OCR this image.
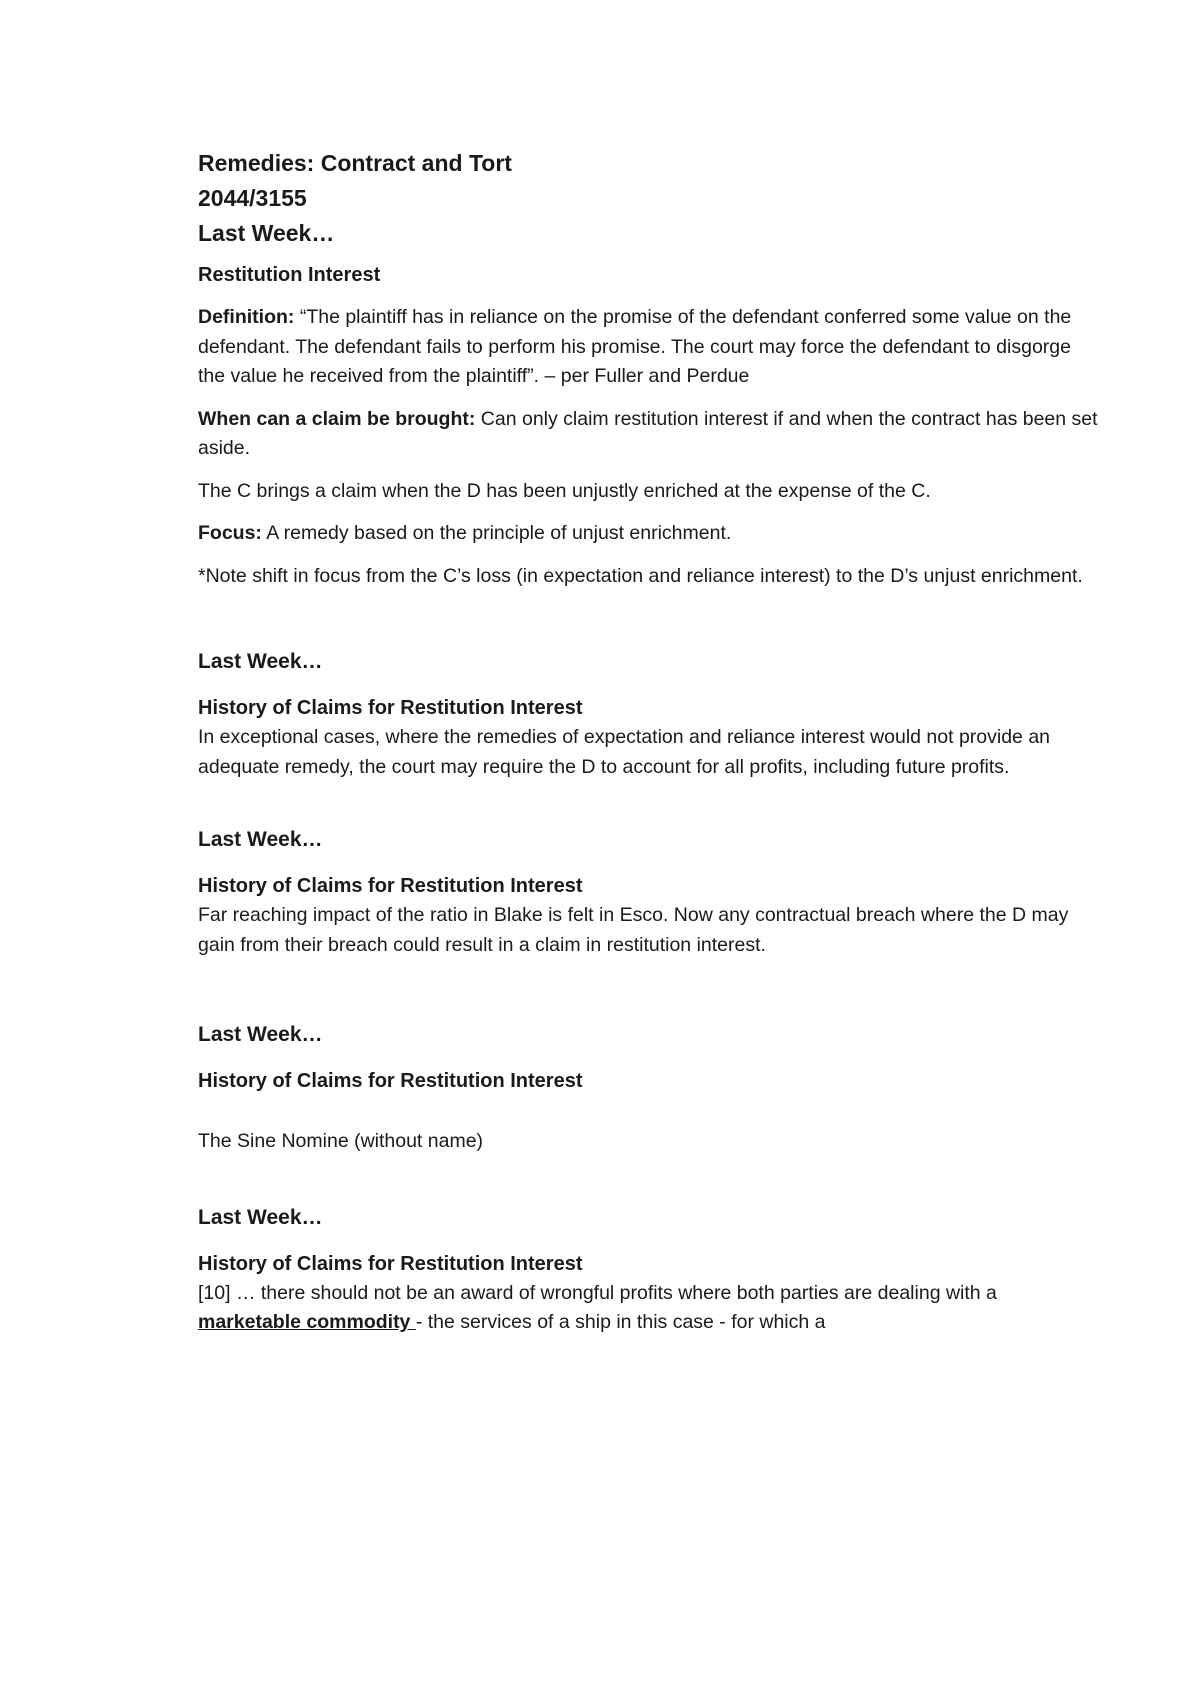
Remedies: Contract and Tort
2044/3155
Last Week…
Restitution Interest

Definition: “The plaintiff has in reliance on the promise of the defendant conferred some value on the defendant. The defendant fails to perform his promise. The court may force the defendant to disgorge the value he received from the plaintiff”. – per Fuller and Perdue

When can a claim be brought: Can only claim restitution interest if and when the contract has been set aside.

The C brings a claim when the D has been unjustly enriched at the expense of the C.

Focus: A remedy based on the principle of unjust enrichment.

*Note shift in focus from the C’s loss (in expectation and reliance interest) to the D’s unjust enrichment.

Last Week…
History of Claims for Restitution Interest

In exceptional cases, where the remedies of expectation and reliance interest would not provide an adequate remedy, the court may require the D to account for all profits, including future profits.

Last Week…
History of Claims for Restitution Interest

Far reaching impact of the ratio in Blake is felt in Esco. Now any contractual breach where the D may gain from their breach could result in a claim in restitution interest.

Last Week…
History of Claims for Restitution Interest

The Sine Nomine (without name)

Last Week…
History of Claims for Restitution Interest

[10] … there should not be an award of wrongful profits where both parties are dealing with a marketable commodity - the services of a ship in this case - for which a
